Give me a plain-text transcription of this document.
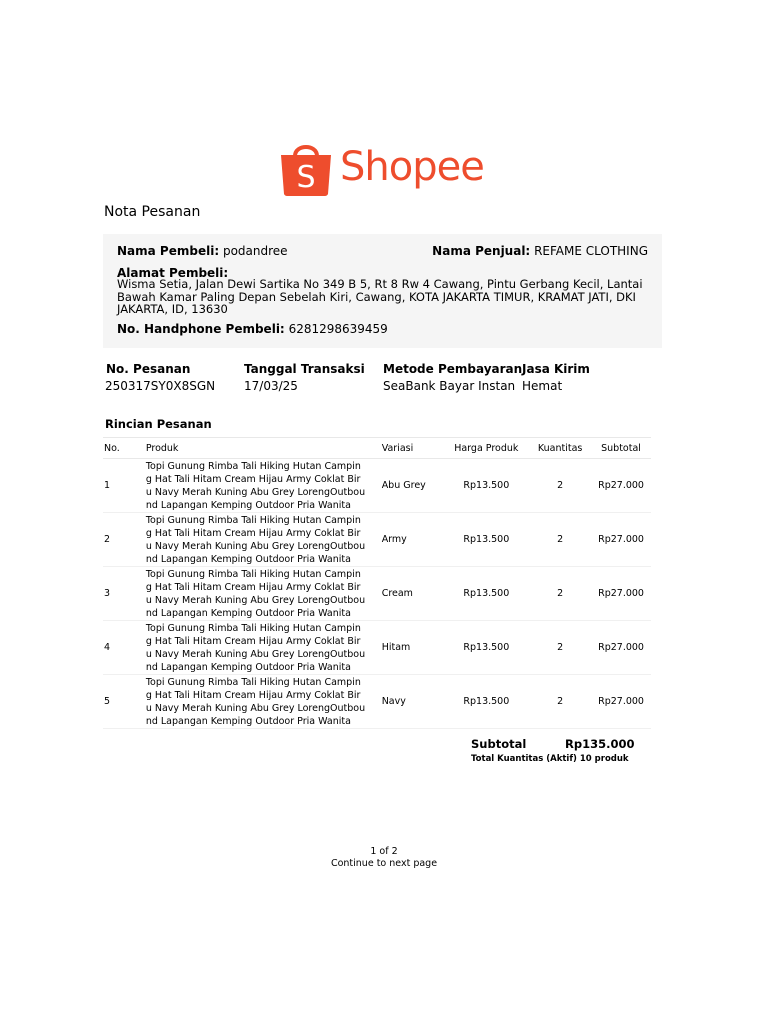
S Shopee
Nota Pesanan
Nama Pembeli: podandree	Nama Penjual: REFAME CLOTHING
Alamat Pembeli:
Wisma Setia, Jalan Dewi Sartika No 349 B 5, Rt 8 Rw 4 Cawang, Pintu Gerbang Kecil, Lantai Bawah Kamar Paling Depan Sebelah Kiri, Cawang, KOTA JAKARTA TIMUR, KRAMAT JATI, DKI JAKARTA, ID, 13630
No. Handphone Pembeli: 6281298639459
No. Pesanan
250317SY0X8SGN
Tanggal Transaksi
17/03/25
Metode Pembayaran
SeaBank Bayar Instan
Jasa Kirim
Hemat
Rincian Pesanan
No.	Produk	Variasi	Harga Produk	Kuantitas	Subtotal
1	Topi Gunung Rimba Tali Hiking Hutan Camping Hat Tali Hitam Cream Hijau Army Coklat Biru Navy Merah Kuning Abu Grey LorengOutbound Lapangan Kemping Outdoor Pria Wanita	Abu Grey	Rp13.500	2	Rp27.000
2	Topi Gunung Rimba Tali Hiking Hutan Camping Hat Tali Hitam Cream Hijau Army Coklat Biru Navy Merah Kuning Abu Grey LorengOutbound Lapangan Kemping Outdoor Pria Wanita	Army	Rp13.500	2	Rp27.000
3	Topi Gunung Rimba Tali Hiking Hutan Camping Hat Tali Hitam Cream Hijau Army Coklat Biru Navy Merah Kuning Abu Grey LorengOutbound Lapangan Kemping Outdoor Pria Wanita	Cream	Rp13.500	2	Rp27.000
4	Topi Gunung Rimba Tali Hiking Hutan Camping Hat Tali Hitam Cream Hijau Army Coklat Biru Navy Merah Kuning Abu Grey LorengOutbound Lapangan Kemping Outdoor Pria Wanita	Hitam	Rp13.500	2	Rp27.000
5	Topi Gunung Rimba Tali Hiking Hutan Camping Hat Tali Hitam Cream Hijau Army Coklat Biru Navy Merah Kuning Abu Grey LorengOutbound Lapangan Kemping Outdoor Pria Wanita	Navy	Rp13.500	2	Rp27.000
Subtotal	Rp135.000
Total Kuantitas (Aktif) 10 produk
1 of 2
Continue to next page
